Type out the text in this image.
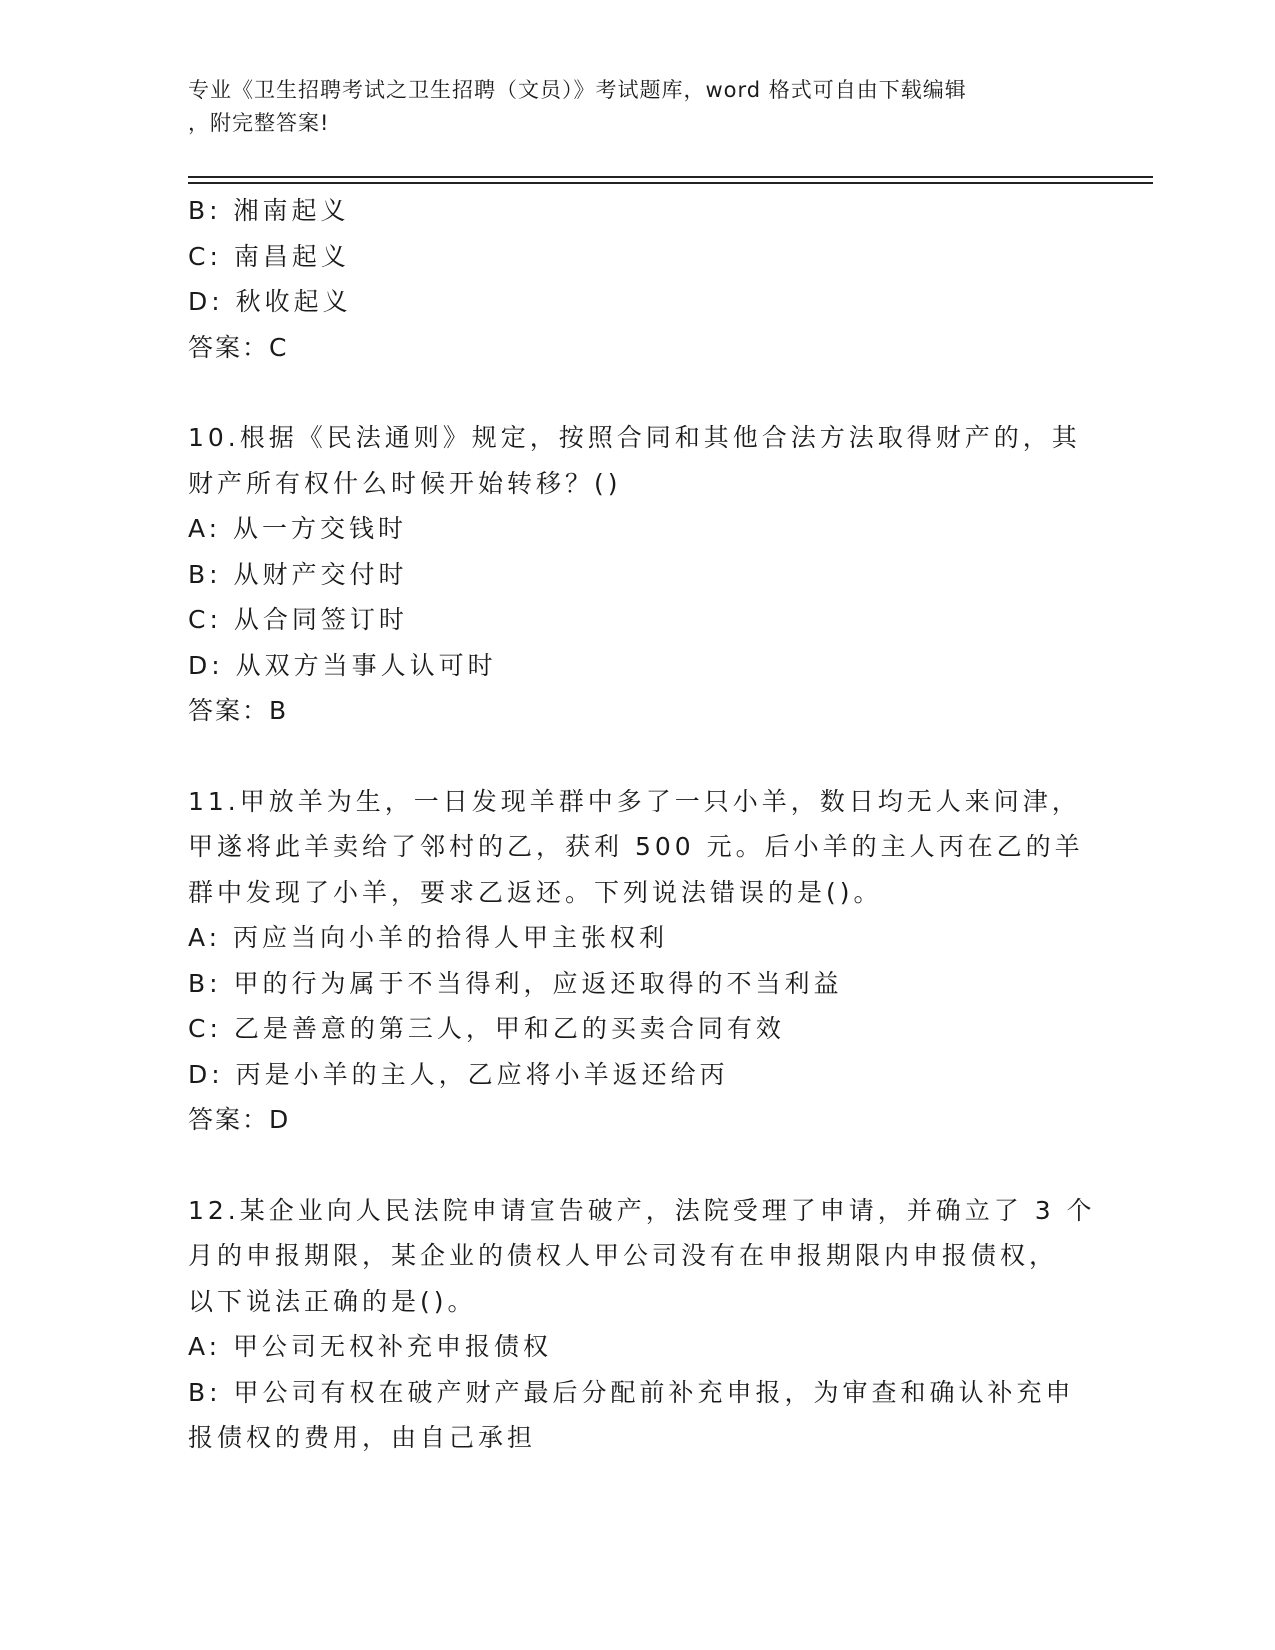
专业《卫生招聘考试之卫生招聘（文员）》考试题库，word 格式可自由下载编辑
，附完整答案!
B: 湘南起义
C: 南昌起义
D: 秋收起义
答案：C
10.根据《民法通则》规定，按照合同和其他合法方法取得财产的，其
财产所有权什么时候开始转移？()
A: 从一方交钱时
B: 从财产交付时
C: 从合同签订时
D: 从双方当事人认可时
答案：B
11.甲放羊为生，一日发现羊群中多了一只小羊，数日均无人来问津，
甲遂将此羊卖给了邻村的乙，获利 500 元。后小羊的主人丙在乙的羊
群中发现了小羊，要求乙返还。下列说法错误的是()。
A: 丙应当向小羊的拾得人甲主张权利
B: 甲的行为属于不当得利，应返还取得的不当利益
C: 乙是善意的第三人，甲和乙的买卖合同有效
D: 丙是小羊的主人，乙应将小羊返还给丙
答案：D
12.某企业向人民法院申请宣告破产，法院受理了申请，并确立了 3 个
月的申报期限，某企业的债权人甲公司没有在申报期限内申报债权，
以下说法正确的是()。
A: 甲公司无权补充申报债权
B: 甲公司有权在破产财产最后分配前补充申报，为审查和确认补充申
报债权的费用，由自己承担
